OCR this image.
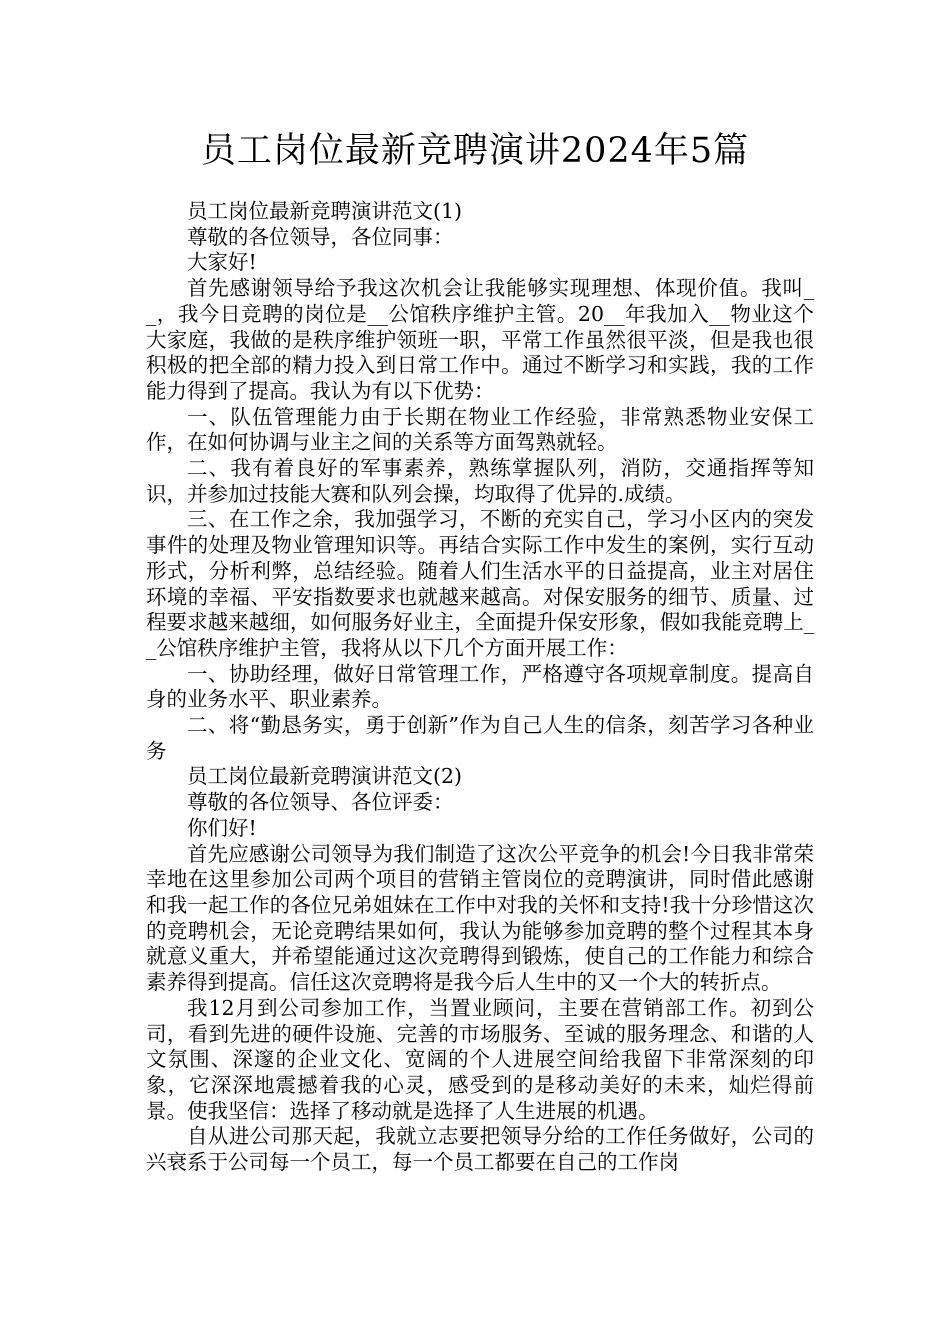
员工岗位最新竞聘演讲2024年5篇

员工岗位最新竞聘演讲范文(1)

尊敬的各位领导，各位同事：

大家好!

首先感谢领导给予我这次机会让我能够实现理想、体现价值。我叫__，我今日竞聘的岗位是__公馆秩序维护主管。20__年我加入__物业这个大家庭，我做的是秩序维护领班一职，平常工作虽然很平淡，但是我也很积极的把全部的精力投入到日常工作中。通过不断学习和实践，我的工作能力得到了提高。我认为有以下优势：

一、队伍管理能力由于长期在物业工作经验，非常熟悉物业安保工作，在如何协调与业主之间的关系等方面驾熟就轻。

二、我有着良好的军事素养，熟练掌握队列，消防，交通指挥等知识，并参加过技能大赛和队列会操，均取得了优异的.成绩。

三、在工作之余，我加强学习，不断的充实自己，学习小区内的突发事件的处理及物业管理知识等。再结合实际工作中发生的案例，实行互动形式，分析利弊，总结经验。随着人们生活水平的日益提高，业主对居住环境的幸福、平安指数要求也就越来越高。对保安服务的细节、质量、过程要求越来越细，如何服务好业主，全面提升保安形象，假如我能竞聘上__公馆秩序维护主管，我将从以下几个方面开展工作：

一、协助经理，做好日常管理工作，严格遵守各项规章制度。提高自身的业务水平、职业素养。

二、将“勤恳务实，勇于创新”作为自己人生的信条，刻苦学习各种业务

员工岗位最新竞聘演讲范文(2)

尊敬的各位领导、各位评委：

你们好!

首先应感谢公司领导为我们制造了这次公平竞争的机会!今日我非常荣幸地在这里参加公司两个项目的营销主管岗位的竞聘演讲，同时借此感谢和我一起工作的各位兄弟姐妹在工作中对我的关怀和支持!我十分珍惜这次的竞聘机会，无论竞聘结果如何，我认为能够参加竞聘的整个过程其本身就意义重大，并希望能通过这次竞聘得到锻炼，使自己的工作能力和综合素养得到提高。信任这次竞聘将是我今后人生中的又一个大的转折点。

我12月到公司参加工作，当置业顾问，主要在营销部工作。初到公司，看到先进的硬件设施、完善的市场服务、至诚的服务理念、和谐的人文氛围、深邃的企业文化、宽阔的个人进展空间给我留下非常深刻的印象，它深深地震撼着我的心灵，感受到的是移动美好的未来，灿烂得前景。使我坚信：选择了移动就是选择了人生进展的机遇。

自从进公司那天起，我就立志要把领导分给的工作任务做好，公司的兴衰系于公司每一个员工，每一个员工都要在自己的工作岗
